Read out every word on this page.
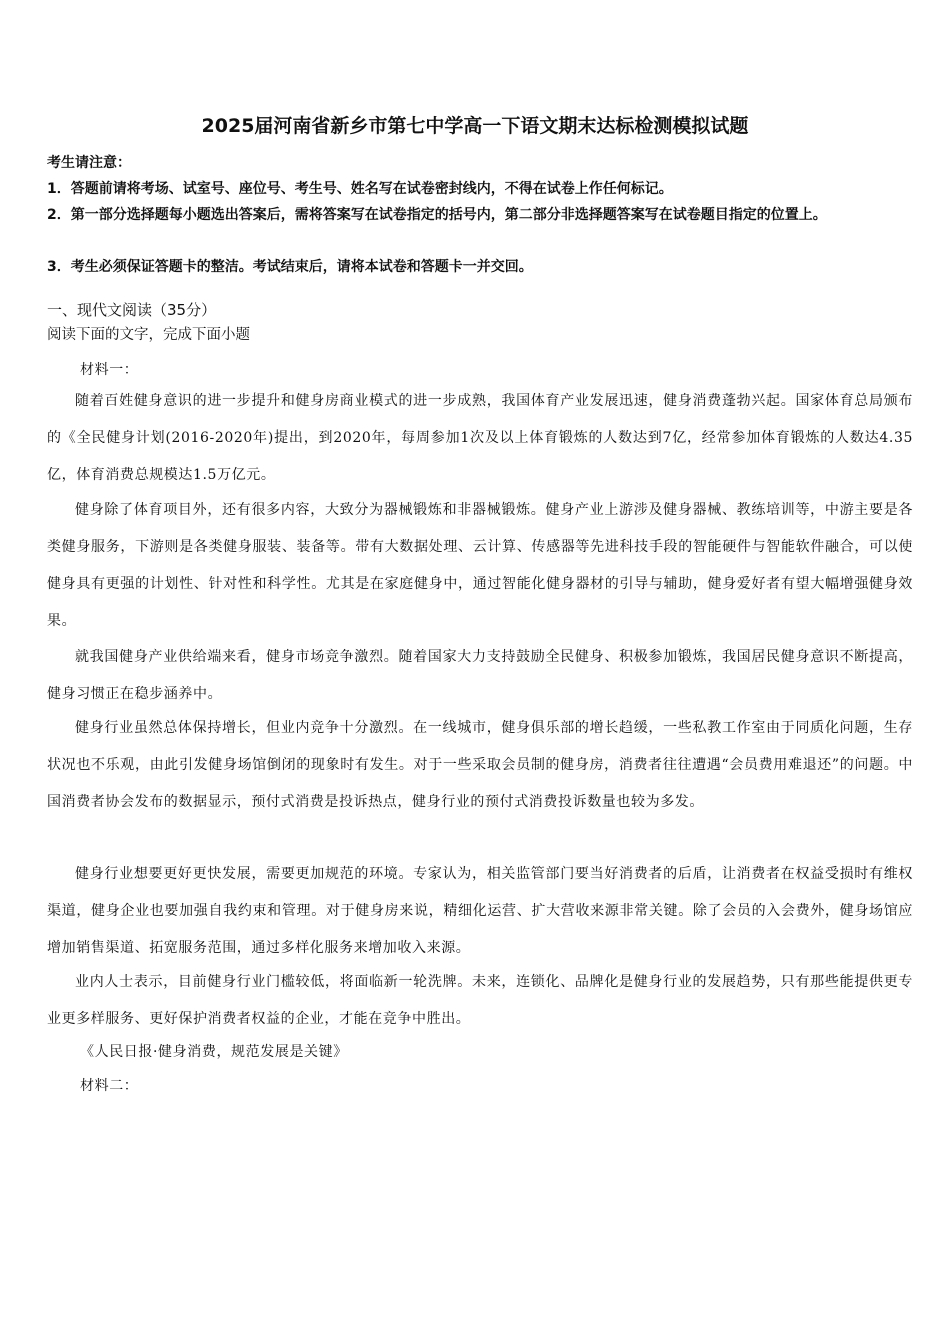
2025届河南省新乡市第七中学高一下语文期末达标检测模拟试题

考生请注意：

1．答题前请将考场、试室号、座位号、考生号、姓名写在试卷密封线内，不得在试卷上作任何标记。

2．第一部分选择题每小题选出答案后，需将答案写在试卷指定的括号内，第二部分非选择题答案写在试卷题目指定的位置上。

3．考生必须保证答题卡的整洁。考试结束后，请将本试卷和答题卡一并交回。

一、现代文阅读（35分）

阅读下面的文字，完成下面小题

材料一：

随着百姓健身意识的进一步提升和健身房商业模式的进一步成熟，我国体育产业发展迅速，健身消费蓬勃兴起。国家体育总局颁布的《全民健身计划(2016-2020年)提出，到2020年，每周参加1次及以上体育锻炼的人数达到7亿，经常参加体育锻炼的人数达4.35亿，体育消费总规模达1.5万亿元。

健身除了体育项目外，还有很多内容，大致分为器械锻炼和非器械锻炼。健身产业上游涉及健身器械、教练培训等，中游主要是各类健身服务，下游则是各类健身服装、装备等。带有大数据处理、云计算、传感器等先进科技手段的智能硬件与智能软件融合，可以使健身具有更强的计划性、针对性和科学性。尤其是在家庭健身中，通过智能化健身器材的引导与辅助，健身爱好者有望大幅增强健身效果。

就我国健身产业供给端来看，健身市场竞争激烈。随着国家大力支持鼓励全民健身、积极参加锻炼，我国居民健身意识不断提高，健身习惯正在稳步涵养中。

健身行业虽然总体保持增长，但业内竞争十分激烈。在一线城市，健身俱乐部的增长趋缓，一些私教工作室由于同质化问题，生存状况也不乐观，由此引发健身场馆倒闭的现象时有发生。对于一些采取会员制的健身房，消费者往往遭遇“会员费用难退还”的问题。中国消费者协会发布的数据显示，预付式消费是投诉热点，健身行业的预付式消费投诉数量也较为多发。

健身行业想要更好更快发展，需要更加规范的环境。专家认为，相关监管部门要当好消费者的后盾，让消费者在权益受损时有维权渠道，健身企业也要加强自我约束和管理。对于健身房来说，精细化运营、扩大营收来源非常关键。除了会员的入会费外，健身场馆应增加销售渠道、拓宽服务范围，通过多样化服务来增加收入来源。

业内人士表示，目前健身行业门槛较低，将面临新一轮洗牌。未来，连锁化、品牌化是健身行业的发展趋势，只有那些能提供更专业更多样服务、更好保护消费者权益的企业，才能在竞争中胜出。

《人民日报·健身消费，规范发展是关键》

材料二：
